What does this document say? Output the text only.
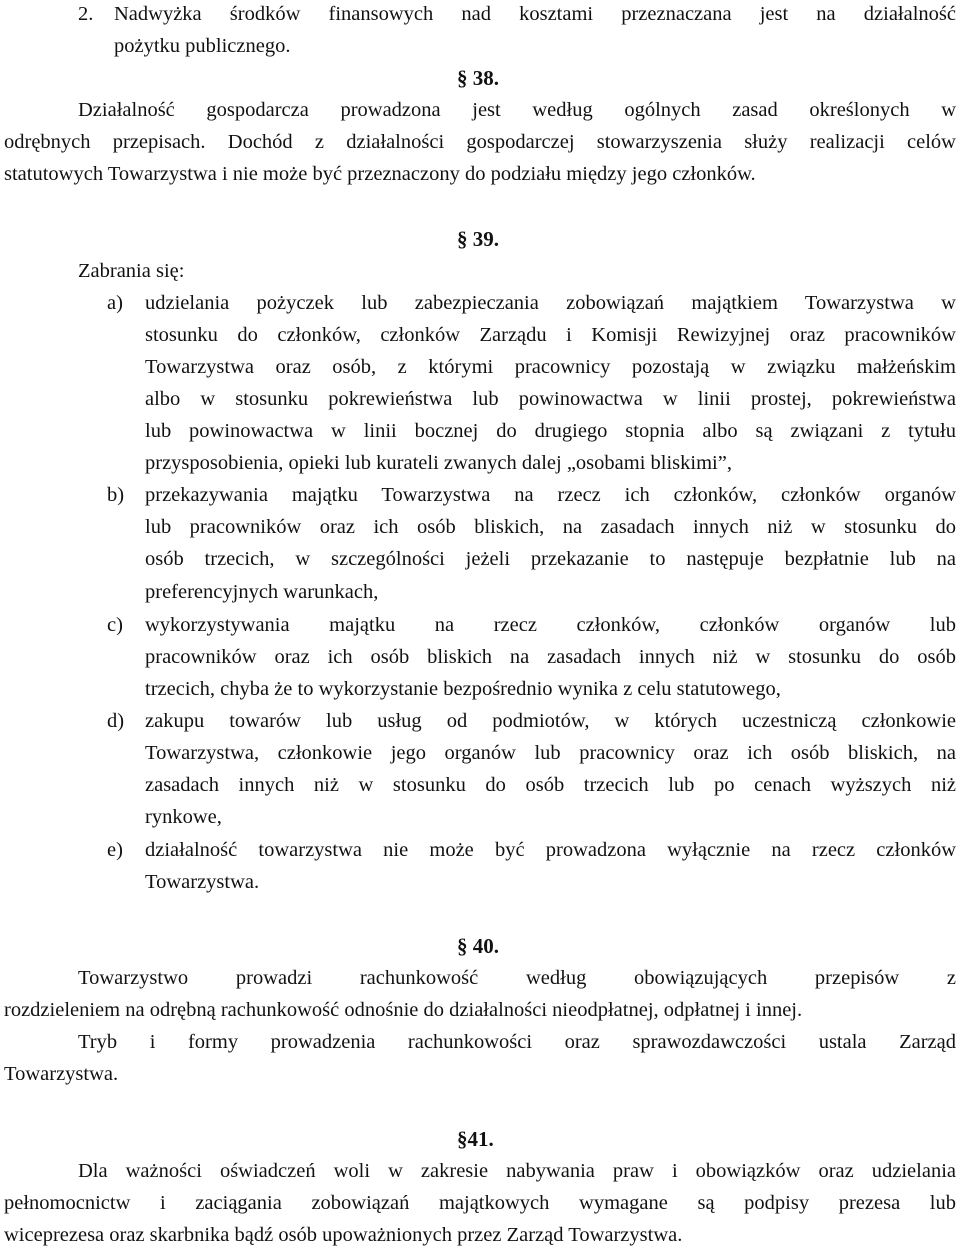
2. Nadwyżka środków finansowych nad kosztami przeznaczana jest na działalność
pożytku publicznego.
§ 38.
Działalność gospodarcza prowadzona jest według ogólnych zasad określonych w
odrębnych przepisach. Dochód z działalności gospodarczej stowarzyszenia służy realizacji celów
statutowych Towarzystwa i nie może być przeznaczony do podziału między jego członków.
§ 39.
Zabrania się:
a) udzielania pożyczek lub zabezpieczania zobowiązań majątkiem Towarzystwa w
stosunku do członków, członków Zarządu i Komisji Rewizyjnej oraz pracowników
Towarzystwa oraz osób, z którymi pracownicy pozostają w związku małżeńskim
albo w stosunku pokrewieństwa lub powinowactwa w linii prostej, pokrewieństwa
lub powinowactwa w linii bocznej do drugiego stopnia albo są związani z tytułu
przysposobienia, opieki lub kurateli zwanych dalej „osobami bliskimi”,
b) przekazywania majątku Towarzystwa na rzecz ich członków, członków organów
lub pracowników oraz ich osób bliskich, na zasadach innych niż w stosunku do
osób trzecich, w szczególności jeżeli przekazanie to następuje bezpłatnie lub na
preferencyjnych warunkach,
c) wykorzystywania majątku na rzecz członków, członków organów lub
pracowników oraz ich osób bliskich na zasadach innych niż w stosunku do osób
trzecich, chyba że to wykorzystanie bezpośrednio wynika z celu statutowego,
d) zakupu towarów lub usług od podmiotów, w których uczestniczą członkowie
Towarzystwa, członkowie jego organów lub pracownicy oraz ich osób bliskich, na
zasadach innych niż w stosunku do osób trzecich lub po cenach wyższych niż
rynkowe,
e) działalność towarzystwa nie może być prowadzona wyłącznie na rzecz członków
Towarzystwa.
§ 40.
Towarzystwo prowadzi rachunkowość według obowiązujących przepisów z
rozdzieleniem na odrębną rachunkowość odnośnie do działalności nieodpłatnej, odpłatnej i innej.
Tryb i formy prowadzenia rachunkowości oraz sprawozdawczości ustala Zarząd
Towarzystwa.
§41.
Dla ważności oświadczeń woli w zakresie nabywania praw i obowiązków oraz udzielania
pełnomocnictw i zaciągania zobowiązań majątkowych wymagane są podpisy prezesa lub
wiceprezesa oraz skarbnika bądź osób upoważnionych przez Zarząd Towarzystwa.
